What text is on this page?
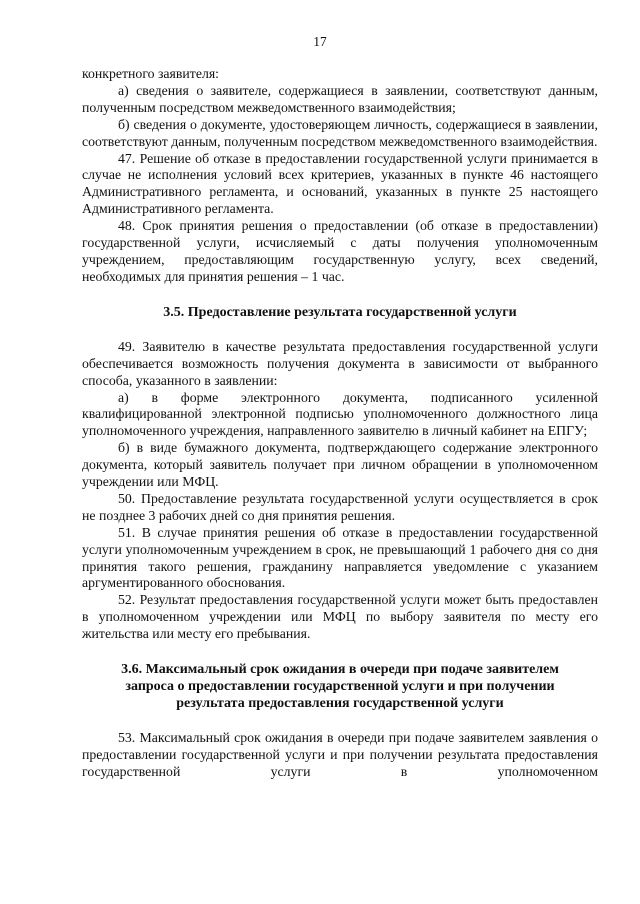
17

конкретного заявителя:

а) сведения о заявителе, содержащиеся в заявлении, соответствуют данным, полученным посредством межведомственного взаимодействия;

б) сведения о документе, удостоверяющем личность, содержащиеся в заявлении, соответствуют данным, полученным посредством межведомственного взаимодействия.

47. Решение об отказе в предоставлении государственной услуги принимается в случае не исполнения условий всех критериев, указанных в пункте 46 настоящего Административного регламента, и оснований, указанных в пункте 25 настоящего Административного регламента.

48. Срок принятия решения о предоставлении (об отказе в предоставлении) государственной услуги, исчисляемый с даты получения уполномоченным учреждением, предоставляющим государственную услугу, всех сведений, необходимых для принятия решения – 1 час.

3.5. Предоставление результата государственной услуги

49. Заявителю в качестве результата предоставления государственной услуги обеспечивается возможность получения документа в зависимости от выбранного способа, указанного в заявлении:

а) в форме электронного документа, подписанного усиленной квалифицированной электронной подписью уполномоченного должностного лица уполномоченного учреждения, направленного заявителю в личный кабинет на ЕПГУ;

б) в виде бумажного документа, подтверждающего содержание электронного документа, который заявитель получает при личном обращении в уполномоченном учреждении или МФЦ.

50. Предоставление результата государственной услуги осуществляется в срок не позднее 3 рабочих дней со дня принятия решения.

51. В случае принятия решения об отказе в предоставлении государственной услуги уполномоченным учреждением в срок, не превышающий 1 рабочего дня со дня принятия такого решения, гражданину направляется уведомление с указанием аргументированного обоснования.

52. Результат предоставления государственной услуги может быть предоставлен в уполномоченном учреждении или МФЦ по выбору заявителя по месту его жительства или месту его пребывания.

3.6. Максимальный срок ожидания в очереди при подаче заявителем
запроса о предоставлении государственной услуги и при получении
результата предоставления государственной услуги

53. Максимальный срок ожидания в очереди при подаче заявителем заявления о предоставлении государственной услуги и при получении результата предоставления государственной услуги в уполномоченном
